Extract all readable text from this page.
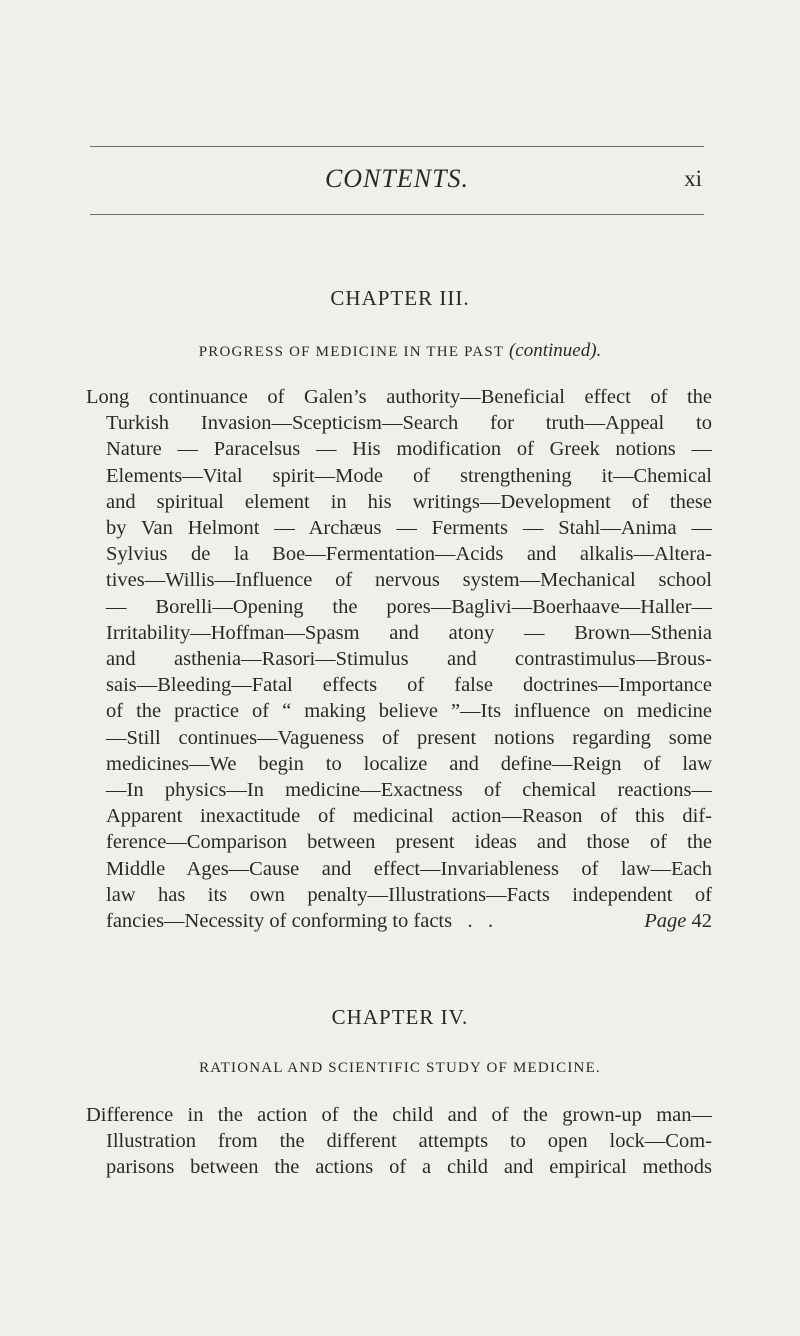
CONTENTS.	xi
CHAPTER III.
PROGRESS OF MEDICINE IN THE PAST (continued).
Long continuance of Galen’s authority—Beneficial effect of the
Turkish Invasion—Scepticism—Search for truth—Appeal to
Nature — Paracelsus — His modification of Greek notions —
Elements—Vital spirit—Mode of strengthening it—Chemical
and spiritual element in his writings—Development of these
by Van Helmont — Archæus — Ferments — Stahl—Anima —
Sylvius de la Boe—Fermentation—Acids and alkalis—Altera-
tives—Willis—Influence of nervous system—Mechanical school
— Borelli—Opening the pores—Baglivi—Boerhaave—Haller—
Irritability—Hoffman—Spasm and atony — Brown—Sthenia
and asthenia—Rasori—Stimulus and contrastimulus—Brous-
sais—Bleeding—Fatal effects of false doctrines—Importance
of the practice of “ making believe ”—Its influence on medicine
—Still continues—Vagueness of present notions regarding some
medicines—We begin to localize and define—Reign of law
—In physics—In medicine—Exactness of chemical reactions—
Apparent inexactitude of medicinal action—Reason of this dif-
ference—Comparison between present ideas and those of the
Middle Ages—Cause and effect—Invariableness of law—Each
law has its own penalty—Illustrations—Facts independent of
fancies—Necessity of conforming to facts   .   .	Page 42
CHAPTER IV.
RATIONAL AND SCIENTIFIC STUDY OF MEDICINE.
Difference in the action of the child and of the grown-up man—
Illustration from the different attempts to open lock—Com-
parisons between the actions of a child and empirical methods
